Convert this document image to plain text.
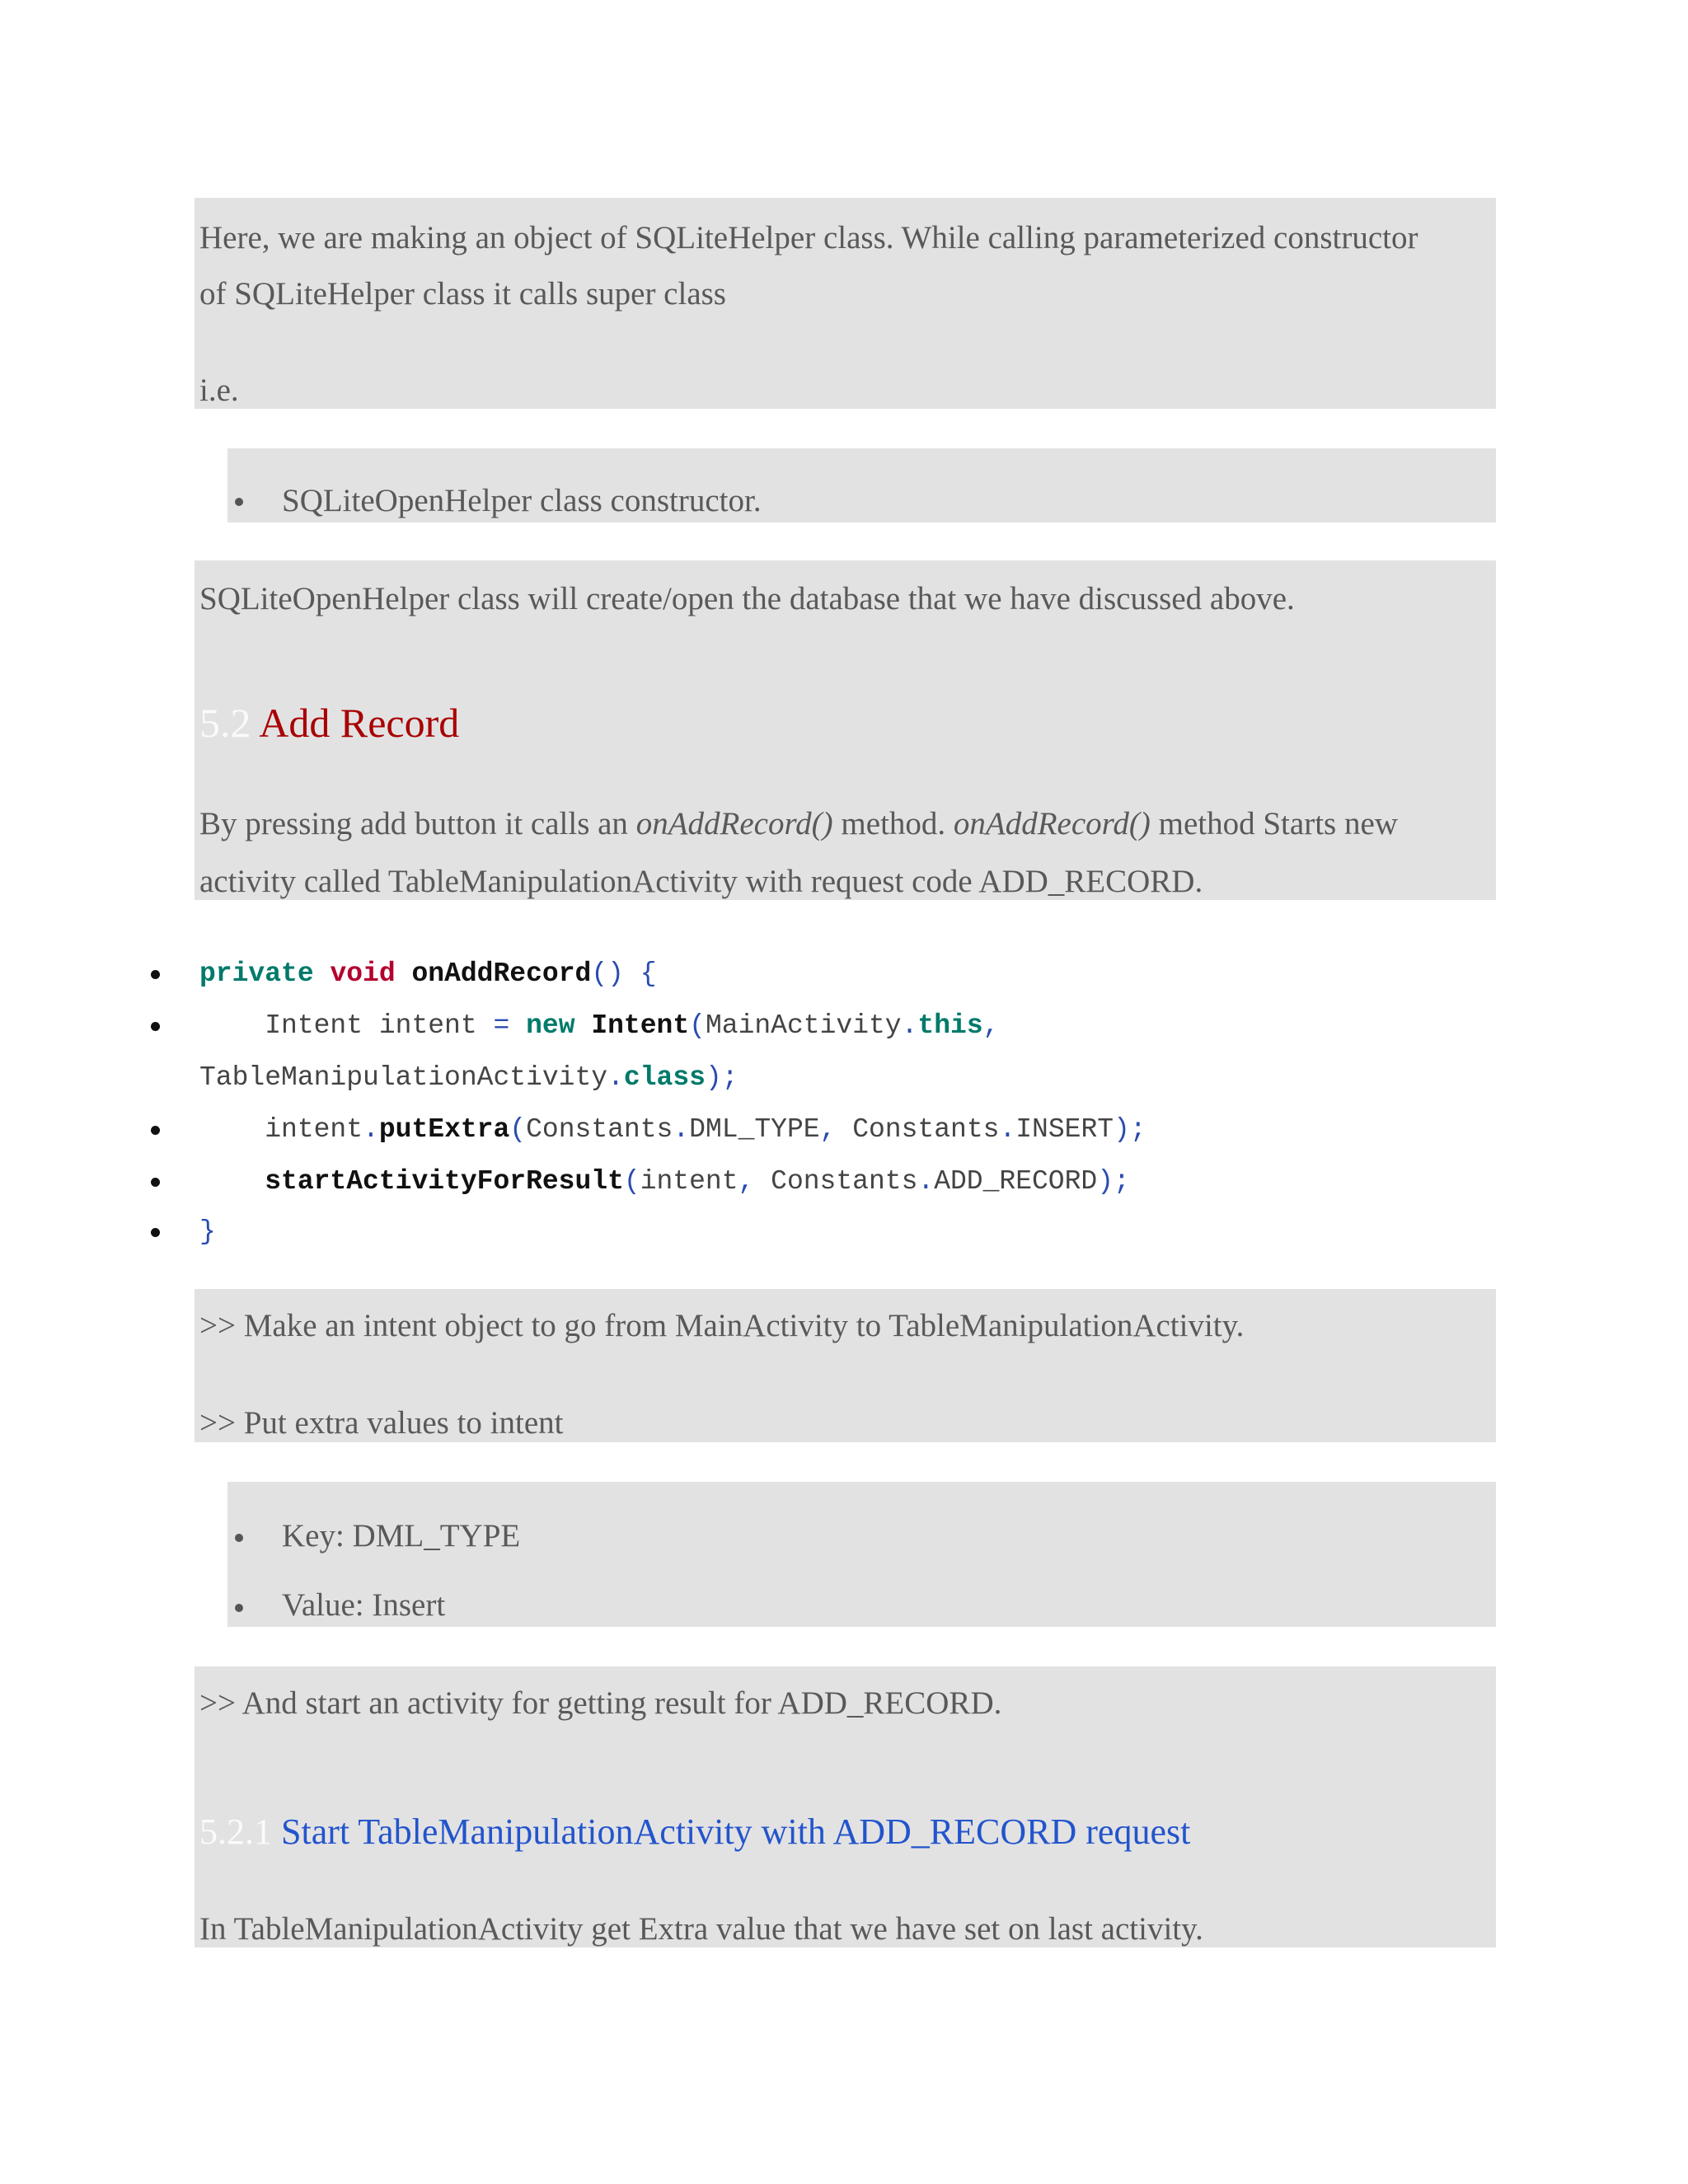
Here, we are making an object of SQLiteHelper class. While calling parameterized constructor
of SQLiteHelper class it calls super class
i.e.
SQLiteOpenHelper class constructor.
SQLiteOpenHelper class will create/open the database that we have discussed above.
5.2 Add Record
By pressing add button it calls an onAddRecord() method. onAddRecord() method Starts new
activity called TableManipulationActivity with request code ADD_RECORD.
private void onAddRecord() {
Intent intent = new Intent(MainActivity.this,
TableManipulationActivity.class);
intent.putExtra(Constants.DML_TYPE, Constants.INSERT);
startActivityForResult(intent, Constants.ADD_RECORD);
}
>> Make an intent object to go from MainActivity to TableManipulationActivity.
>> Put extra values to intent
Key: DML_TYPE
Value: Insert
>> And start an activity for getting result for ADD_RECORD.
5.2.1 Start TableManipulationActivity with ADD_RECORD request
In TableManipulationActivity get Extra value that we have set on last activity.
